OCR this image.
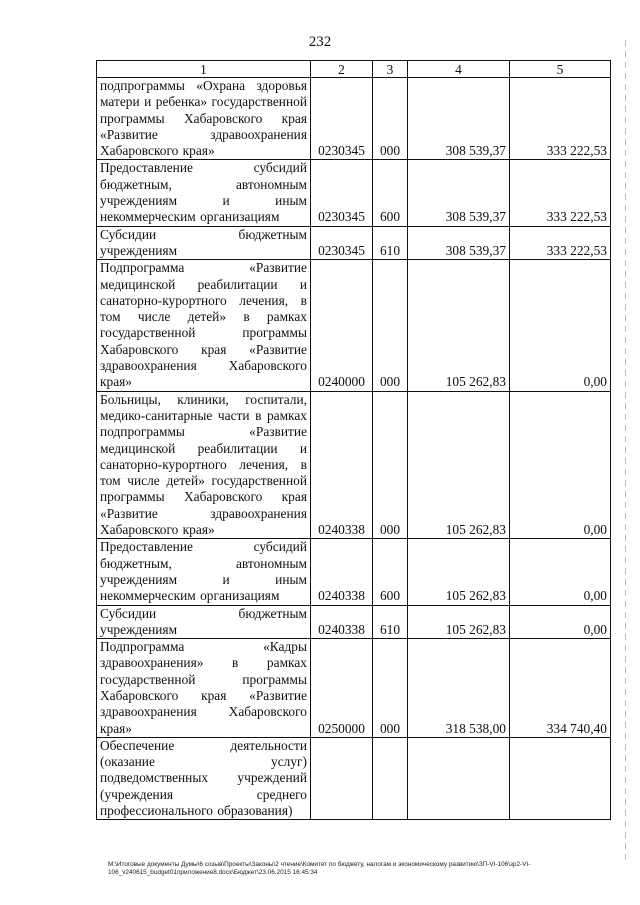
232
1	2	3	4	5
подпрограммы «Охрана здоровья матери и ребенка» государственной программы Хабаровского края «Развитие здравоохранения Хабаровского края»	0230345	000	308 539,37	333 222,53
Предоставление субсидий бюджетным, автономным учреждениям и иным некоммерческим организациям	0230345	600	308 539,37	333 222,53
Субсидии бюджетным учреждениям	0230345	610	308 539,37	333 222,53
Подпрограмма «Развитие медицинской реабилитации и санаторно-курортного лечения, в том числе детей» в рамках государственной программы Хабаровского края «Развитие здравоохранения Хабаровского края»	0240000	000	105 262,83	0,00
Больницы, клиники, госпитали, медико-санитарные части в рамках подпрограммы «Развитие медицинской реабилитации и санаторно-курортного лечения, в том числе детей» государственной программы Хабаровского края «Развитие здравоохранения Хабаровского края»	0240338	000	105 262,83	0,00
Предоставление субсидий бюджетным, автономным учреждениям и иным некоммерческим организациям	0240338	600	105 262,83	0,00
Субсидии бюджетным учреждениям	0240338	610	105 262,83	0,00
Подпрограмма «Кадры здравоохранения» в рамках государственной программы Хабаровского края «Развитие здравоохранения Хабаровского края»	0250000	000	318 538,00	334 740,40
Обеспечение деятельности (оказание услуг) подведомственных учреждений (учреждения среднего профессионального образования)				
М:\Итоговые документы Думы\6 созыв\Проекты\Законы\2 чтение\Комитет по бюджету, налогам и экономическому развитию\ЗП-VI-106\зр2-VI-
106_v240615_budget01приложение8.docx\Бюджет\23.06.2015 16:45:34
